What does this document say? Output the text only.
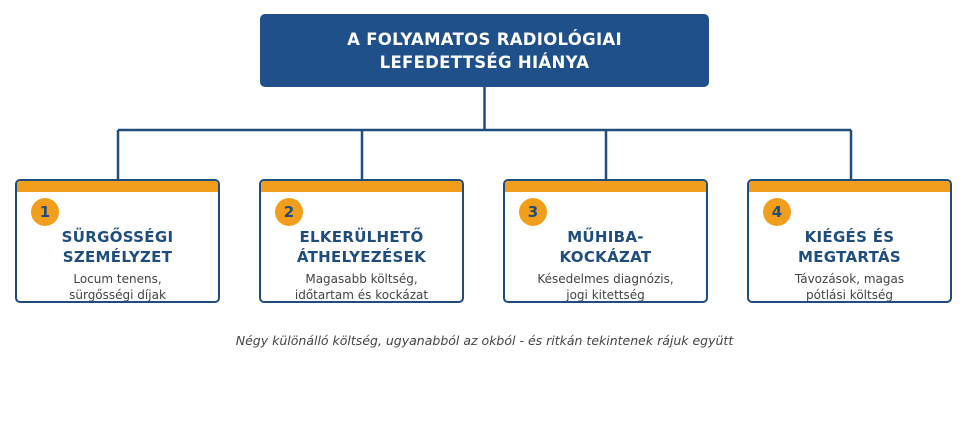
A FOLYAMATOS RADIOLÓGIAI
LEFEDETTSÉG HIÁNYA
1
SÜRGŐSSÉGI
SZEMÉLYZET
Locum tenens,
sürgősségi díjak
2
ELKERÜLHETŐ
ÁTHELYEZÉSEK
Magasabb költség,
időtartam és kockázat
3
MŰHIBA-
KOCKÁZAT
Késedelmes diagnózis,
jogi kitettség
4
KIÉGÉS ÉS
MEGTARTÁS
Távozások, magas
pótlási költség
Négy különálló költség, ugyanabból az okból - és ritkán tekintenek rájuk együtt
